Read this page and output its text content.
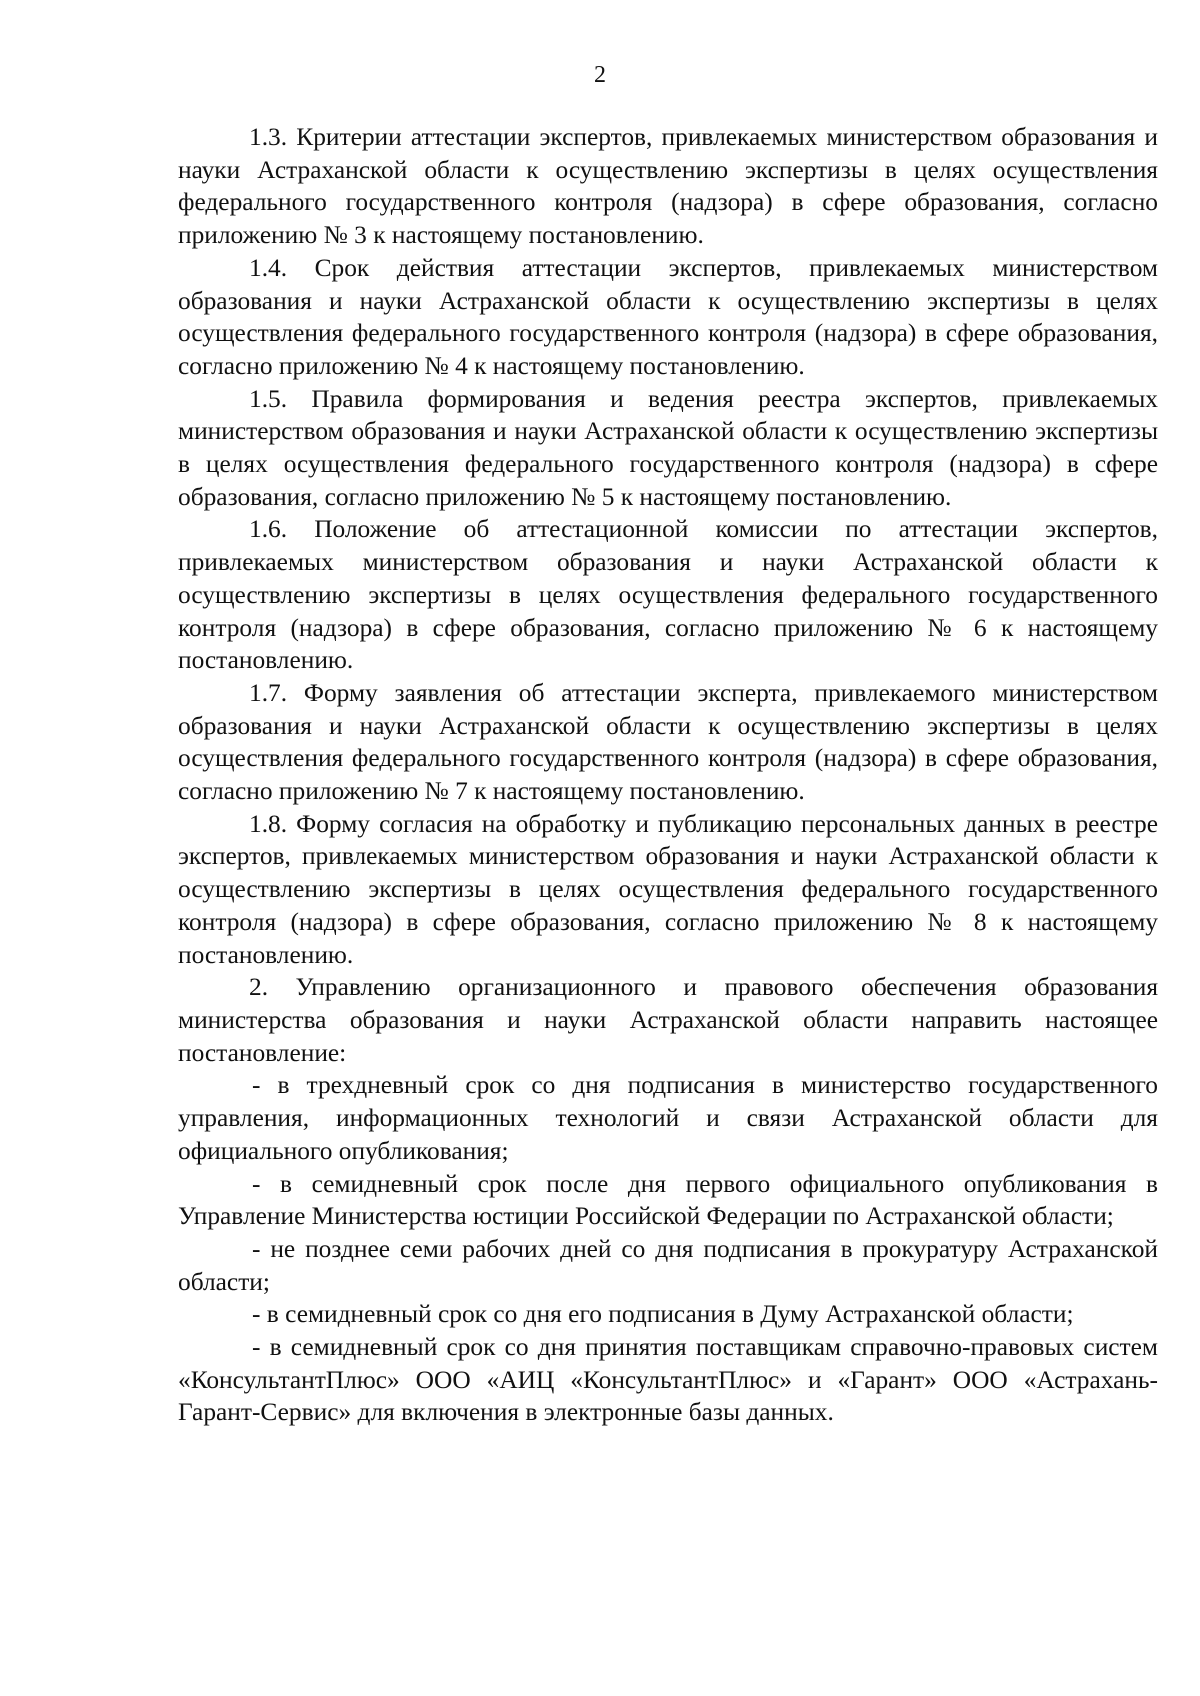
2

1.3. Критерии аттестации экспертов, привлекаемых министерством образования и науки Астраханской области к осуществлению экспертизы в целях осуществления федерального государственного контроля (надзора) в сфере образования, согласно приложению № 3 к настоящему постановлению.

1.4. Срок действия аттестации экспертов, привлекаемых министерством образования и науки Астраханской области к осуществлению экспертизы в целях осуществления федерального государственного контроля (надзора) в сфере образования, согласно приложению № 4 к настоящему постановлению.

1.5. Правила формирования и ведения реестра экспертов, привлекаемых министерством образования и науки Астраханской области к осуществлению экспертизы в целях осуществления федерального государственного контроля (надзора) в сфере образования, согласно приложению № 5 к настоящему постановлению.

1.6. Положение об аттестационной комиссии по аттестации экспертов, привлекаемых министерством образования и науки Астраханской области к осуществлению экспертизы в целях осуществления федерального государственного контроля (надзора) в сфере образования, согласно приложению № 6 к настоящему постановлению.

1.7. Форму заявления об аттестации эксперта, привлекаемого министерством образования и науки Астраханской области к осуществлению экспертизы в целях осуществления федерального государственного контроля (надзора) в сфере образования, согласно приложению № 7 к настоящему постановлению.

1.8. Форму согласия на обработку и публикацию персональных данных в реестре экспертов, привлекаемых министерством образования и науки Астраханской области к осуществлению экспертизы в целях осуществления федерального государственного контроля (надзора) в сфере образования, согласно приложению № 8 к настоящему постановлению.

2. Управлению организационного и правового обеспечения образования министерства образования и науки Астраханской области направить настоящее постановление:

- в трехдневный срок со дня подписания в министерство государственного управления, информационных технологий и связи Астраханской области для официального опубликования;

- в семидневный срок после дня первого официального опубликования в Управление Министерства юстиции Российской Федерации по Астраханской области;

- не позднее семи рабочих дней со дня подписания в прокуратуру Астраханской области;

- в семидневный срок со дня его подписания в Думу Астраханской области;

- в семидневный срок со дня принятия поставщикам справочно-правовых систем «КонсультантПлюс» ООО «АИЦ «КонсультантПлюс» и «Гарант» ООО «Астрахань-Гарант-Сервис» для включения в электронные базы данных.
